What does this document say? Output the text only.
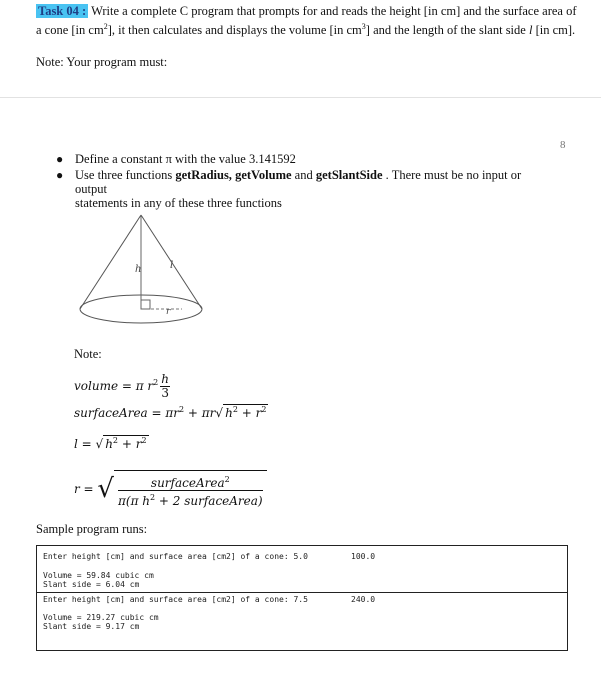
Task 04 : Write a complete C program that prompts for and reads the height [in cm] and the surface area of
a cone [in $cm^2$], it then calculates and displays the volume [in $cm^3$] and the length of the slant side l [in cm].
Note: Your program must:
8
● Define a constant π with the value 3.141592
● Use three functions getRadius, getVolume and getSlantSide . There must be no input or output
statements in any of these three functions
h	l
r
Note:
volume = π $r^2 \frac{h}{3}$
surfaceArea = $\pi r^2 + \pi r√$ $h^2 + r^2$
l = √ $h^2 + r^2$
r = √ $\frac{surfaceArea^2}{\pi(\pi h^2 + 2 surfaceArea)}$
Sample program runs:
Enter height [cm] and surface area [cm2] of a cone: 5.0	100.0
Volume = 59.84 cubic cm
Slant side = 6.04 cm
Enter height [cm] and surface area [cm2] of a cone: 7.5	240.0
Volume = 219.27 cubic cm
Slant side = 9.17 cm
